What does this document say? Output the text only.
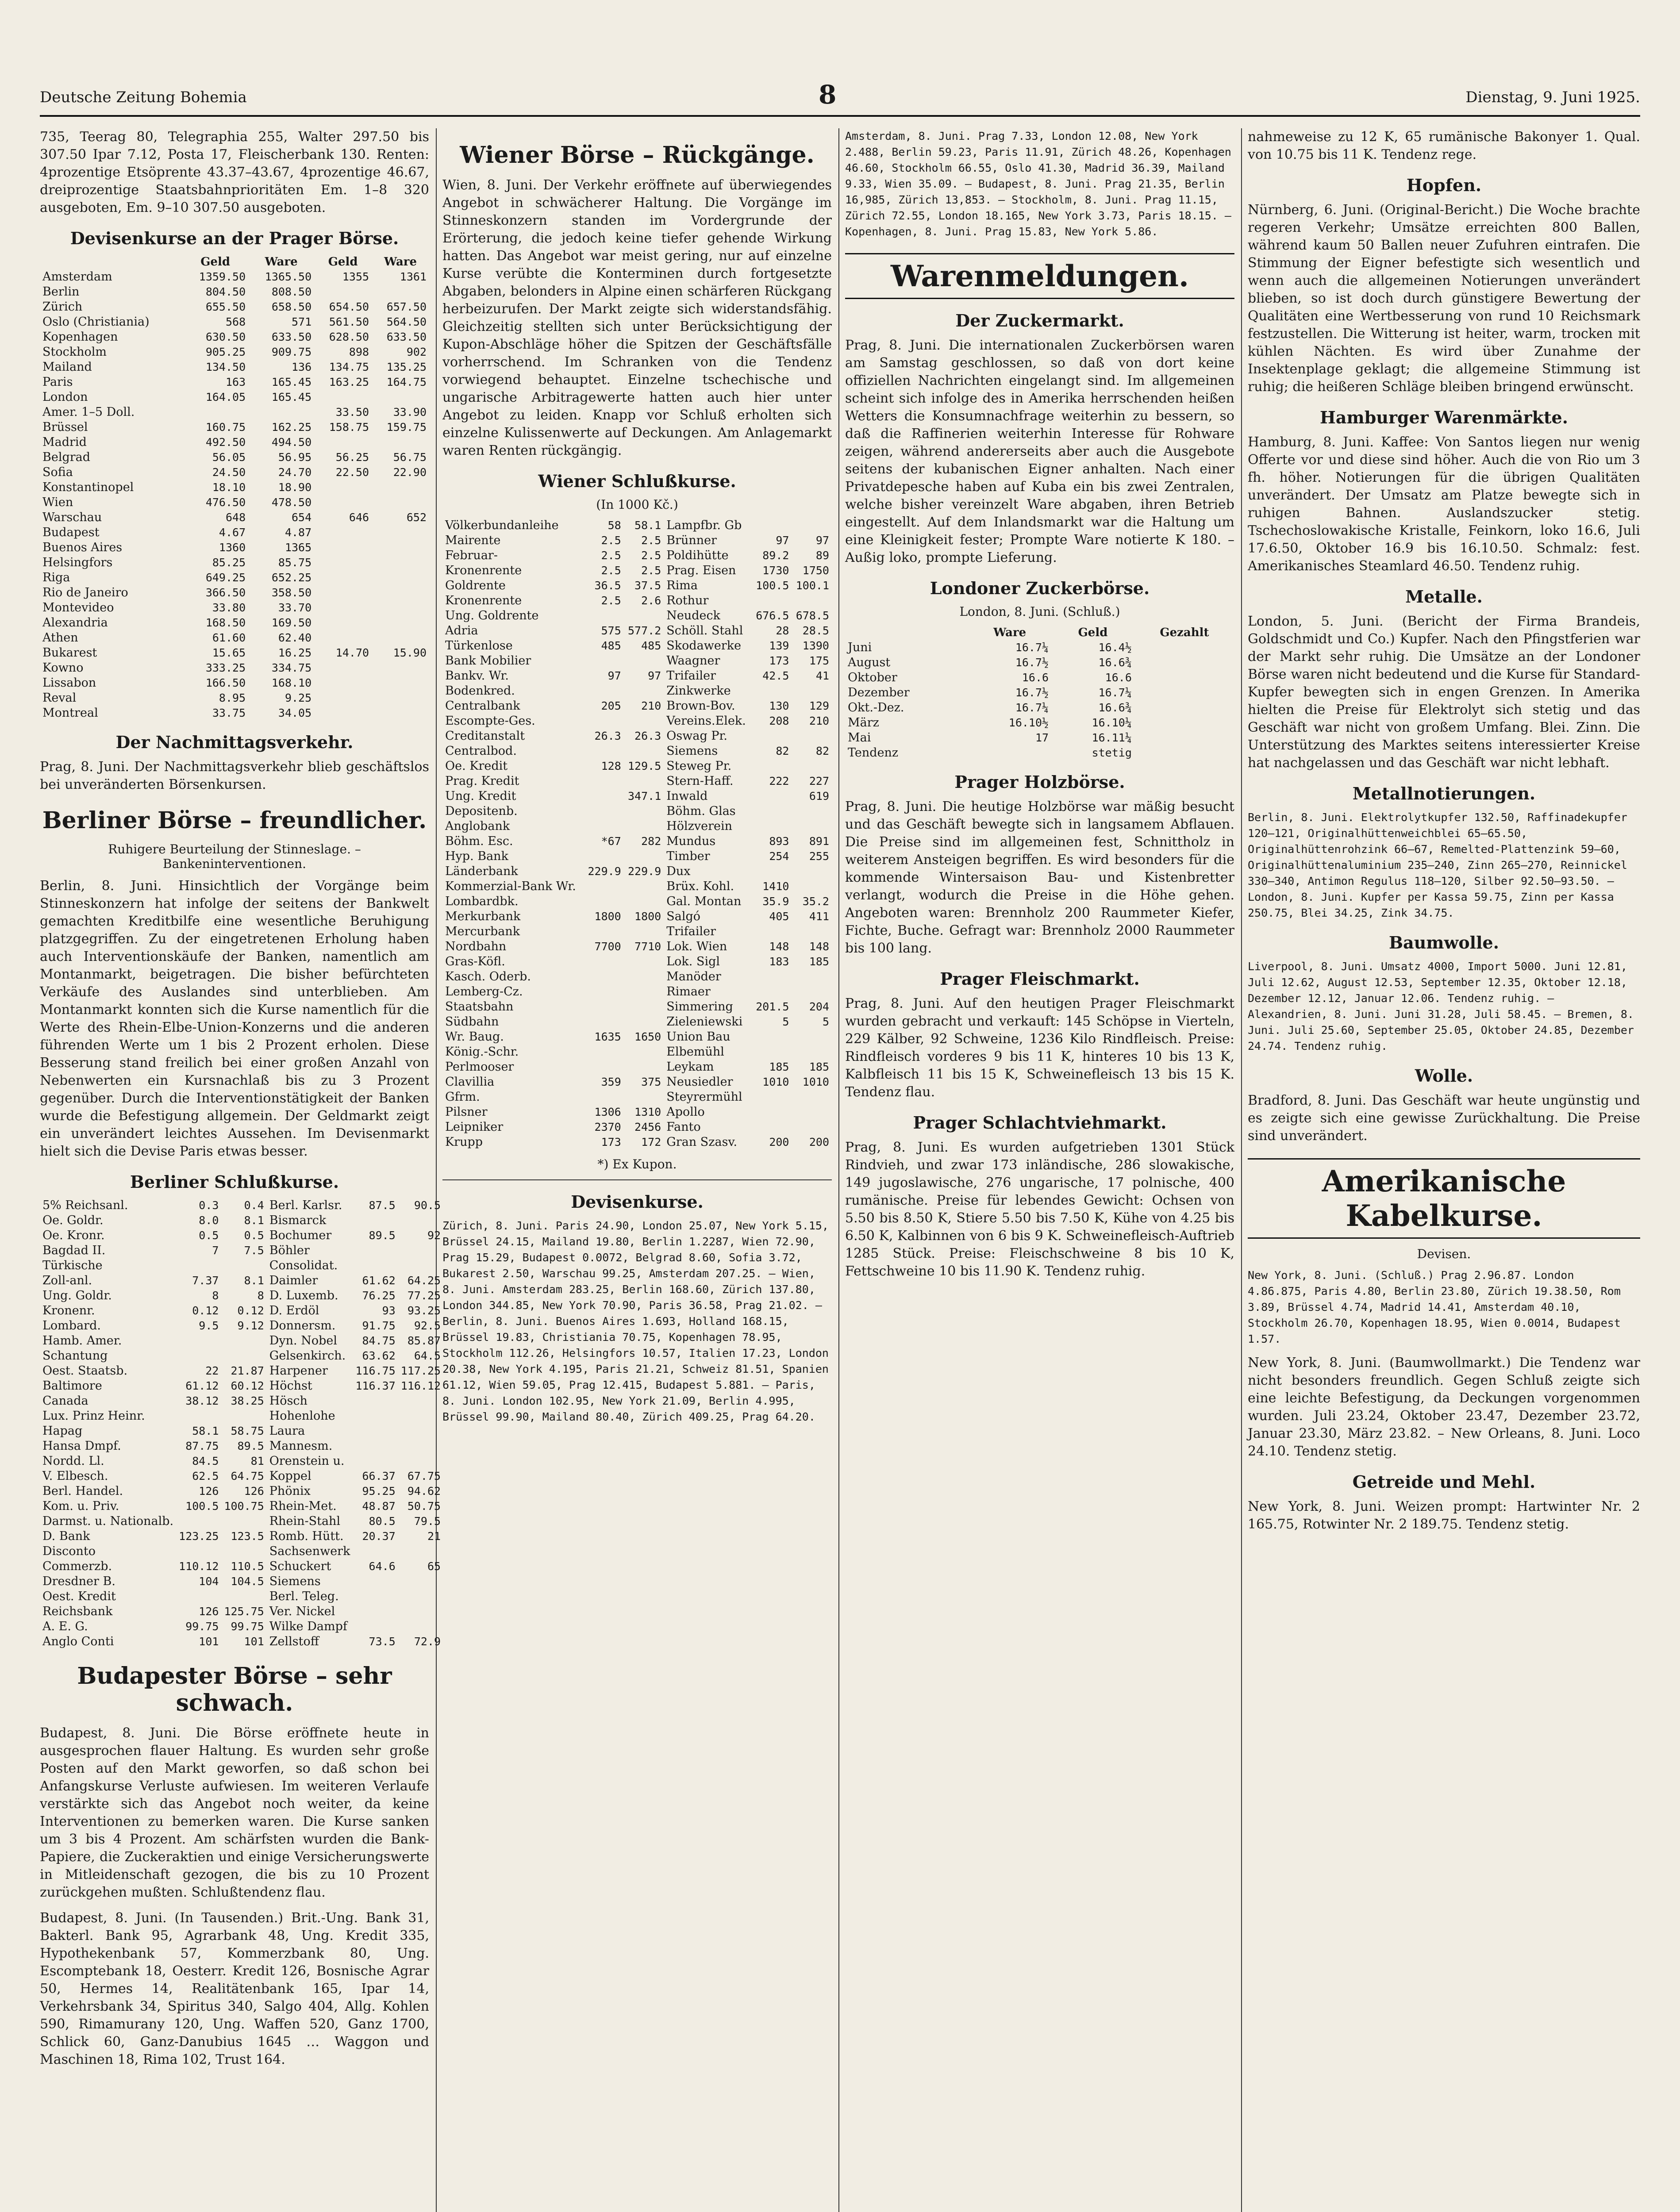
Deutsche Zeitung Bohemia	8	Dienstag, 9. Juni 1925.

735, Teerag 80, Telegraphia 255, Walter 297.50 bis 307.50 Ipar 7.12, Posta 17, Fleischerbank 130. Renten: 4prozentige Etsöprente 43.37–43.67, 4prozentige 46.67, dreiprozentige Staatsbahnprioritäten Em. 1–8 320 ausgeboten, Em. 9–10 307.50 ausgeboten.

Devisenkurse an der Prager Börse.
	Geld	Ware	Geld	Ware
Amsterdam	1359.50	1365.50	1355	1361
Berlin	804.50	808.50		
Zürich	655.50	658.50	654.50	657.50
Oslo (Christiania)	568	571	561.50	564.50
Kopenhagen	630.50	633.50	628.50	633.50
Stockholm	905.25	909.75	898	902
Mailand	134.50	136	134.75	135.25
Paris	163	165.45	163.25	164.75
London	164.05	165.45		
Amer. 1–5 Doll.			33.50	33.90
Brüssel	160.75	162.25	158.75	159.75
Madrid	492.50	494.50		
Belgrad	56.05	56.95	56.25	56.75
Sofia	24.50	24.70	22.50	22.90
Konstantinopel	18.10	18.90		
Wien	476.50	478.50		
Warschau	648	654	646	652
Budapest	4.67	4.87		
Buenos Aires	1360	1365		
Helsingfors	85.25	85.75		
Riga	649.25	652.25		
Rio de Janeiro	366.50	358.50		
Montevideo	33.80	33.70		
Alexandria	168.50	169.50		
Athen	61.60	62.40		
Bukarest	15.65	16.25	14.70	15.90
Kowno	333.25	334.75		
Lissabon	166.50	168.10		
Reval	8.95	9.25		
Montreal	33.75	34.05		
Der Nachmittagsverkehr.

Prag, 8. Juni. Der Nachmittagsverkehr blieb geschäftslos bei unveränderten Börsenkursen.

Berliner Börse – freundlicher.
Ruhigere Beurteilung der Stinneslage. – Bankeninterventionen.

Berlin, 8. Juni. Hinsichtlich der Vorgänge beim Stinneskonzern hat infolge der seitens der Bankwelt gemachten Kreditbilfe eine wesentliche Beruhigung platzgegriffen. Zu der eingetretenen Erholung haben auch Interventionskäufe der Banken, namentlich am Montanmarkt, beigetragen. Die bisher befürchteten Verkäufe des Auslandes sind unterblieben. Am Montanmarkt konnten sich die Kurse namentlich für die Werte des Rhein-Elbe-Union-Konzerns und die anderen führenden Werte um 1 bis 2 Prozent erholen. Diese Besserung stand freilich bei einer großen Anzahl von Nebenwerten ein Kursnachlaß bis zu 3 Prozent gegenüber. Durch die Interventionstätigkeit der Banken wurde die Befestigung allgemein. Der Geldmarkt zeigt ein unverändert leichtes Aussehen. Im Devisenmarkt hielt sich die Devise Paris etwas besser.

Berliner Schlußkurse.
5% Reichsanl.	0.3	0.4	Berl. Karlsr.	87.5	90.5
Oe. Goldr.	8.0	8.1	Bismarck		
Oe. Kronr.	0.5	0.5	Bochumer	89.5	92
Bagdad II.	7	7.5	Böhler		
Türkische			Consolidat.		
Zoll-anl.	7.37	8.1	Daimler	61.62	64.25
Ung. Goldr.	8	8	D. Luxemb.	76.25	77.25
Kronenr.	0.12	0.12	D. Erdöl	93	93.25
Lombard.	9.5	9.12	Donnersm.	91.75	92.5
Hamb. Amer.			Dyn. Nobel	84.75	85.87
Schantung			Gelsenkirch.	63.62	64.5
Oest. Staatsb.	22	21.87	Harpener	116.75	117.25
Baltimore	61.12	60.12	Höchst	116.37	116.12
Canada	38.12	38.25	Hösch		
Lux. Prinz Heinr.			Hohenlohe		
Hapag	58.1	58.75	Laura		
Hansa Dmpf.	87.75	89.5	Mannesm.		
Nordd. Ll.	84.5	81	Orenstein u.		
V. Elbesch.	62.5	64.75	Koppel	66.37	67.75
Berl. Handel.	126	126	Phönix	95.25	94.62
Kom. u. Priv.	100.5	100.75	Rhein-Met.	48.87	50.75
Darmst. u. Nationalb.			Rhein-Stahl	80.5	79.5
D. Bank	123.25	123.5	Romb. Hütt.	20.37	21
Disconto			Sachsenwerk		
Commerzb.	110.12	110.5	Schuckert	64.6	65
Dresdner B.	104	104.5	Siemens		
Oest. Kredit			Berl. Teleg.		
Reichsbank	126	125.75	Ver. Nickel		
A. E. G.	99.75	99.75	Wilke Dampf		
Anglo Conti	101	101	Zellstoff	73.5	72.9
Budapester Börse – sehr schwach.

Budapest, 8. Juni. Die Börse eröffnete heute in ausgesprochen flauer Haltung. Es wurden sehr große Posten auf den Markt geworfen, so daß schon bei Anfangskurse Verluste aufwiesen. Im weiteren Verlaufe verstärkte sich das Angebot noch weiter, da keine Interventionen zu bemerken waren. Die Kurse sanken um 3 bis 4 Prozent. Am schärfsten wurden die Bank-Papiere, die Zuckeraktien und einige Versicherungswerte in Mitleidenschaft gezogen, die bis zu 10 Prozent zurückgehen mußten. Schlußtendenz flau.

Budapest, 8. Juni. (In Tausenden.) Brit.-Ung. Bank 31, Bakterl. Bank 95, Agrarbank 48, Ung. Kredit 335, Hypothekenbank 57, Kommerzbank 80, Ung. Escomptebank 18, Oesterr. Kredit 126, Bosnische Agrar 50, Hermes 14, Realitätenbank 165, Ipar 14, Verkehrsbank 34, Spiritus 340, Salgo 404, Allg. Kohlen 590, Rimamurany 120, Ung. Waffen 520, Ganz 1700, Schlick 60, Ganz-Danubius 1645 … Waggon und Maschinen 18, Rima 102, Trust 164.

Wiener Börse – Rückgänge.

Wien, 8. Juni. Der Verkehr eröffnete auf überwiegendes Angebot in schwächerer Haltung. Die Vorgänge im Stinneskonzern standen im Vordergrunde der Erörterung, die jedoch keine tiefer gehende Wirkung hatten. Das Angebot war meist gering, nur auf einzelne Kurse verübte die Konterminen durch fortgesetzte Abgaben, belonders in Alpine einen schärferen Rückgang herbeizurufen. Der Markt zeigte sich widerstandsfähig. Gleichzeitig stellten sich unter Berücksichtigung der Kupon-Abschläge höher die Spitzen der Geschäftsfälle vorherrschend. Im Schranken von die Tendenz vorwiegend behauptet. Einzelne tschechische und ungarische Arbitragewerte hatten auch hier unter Angebot zu leiden. Knapp vor Schluß erholten sich einzelne Kulissenwerte auf Deckungen. Am Anlagemarkt waren Renten rückgängig.

Wiener Schlußkurse.
(In 1000 Kč.)
Völkerbundanleihe	58	58.1	Lampfbr. Gb		
Mairente	2.5	2.5	Brünner	97	97
Februar-	2.5	2.5	Poldihütte	89.2	89
Kronenrente	2.5	2.5	Prag. Eisen	1730	1750
Goldrente	36.5	37.5	Rima	100.5	100.1
Kronenrente	2.5	2.6	Rothur		
Ung. Goldrente			Neudeck	676.5	678.5
Adria	575	577.2	Schöll. Stahl	28	28.5
Türkenlose	485	485	Skodawerke	139	1390
Bank Mobilier			Waagner	173	175
Bankv. Wr.	97	97	Trifailer	42.5	41
Bodenkred.			Zinkwerke		
Centralbank	205	210	Brown-Bov.	130	129
Escompte-Ges.			Vereins.Elek.	208	210
Creditanstalt	26.3	26.3	Oswag Pr.		
Centralbod.			Siemens	82	82
Oe. Kredit	128	129.5	Steweg Pr.		
Prag. Kredit			Stern-Haff.	222	227
Ung. Kredit		347.1	Inwald		619
Depositenb.			Böhm. Glas		
Anglobank			Hölzverein		
Böhm. Esc.	*67	282	Mundus	893	891
Hyp. Bank			Timber	254	255
Länderbank	229.9	229.9	Dux		
Kommerzial-Bank Wr.			Brüx. Kohl.	1410	
Lombardbk.			Gal. Montan	35.9	35.2
Merkurbank	1800	1800	Salgó	405	411
Mercurbank			Trifailer		
Nordbahn	7700	7710	Lok. Wien	148	148
Gras-Köfl.			Lok. Sigl	183	185
Kasch. Oderb.			Manöder		
Lemberg-Cz.			Rimaer		
Staatsbahn			Simmering	201.5	204
Südbahn			Zieleniewski	5	5
Wr. Baug.	1635	1650	Union Bau		
König.-Schr.			Elbemühl		
Perlmooser			Leykam	185	185
Clavillia	359	375	Neusiedler	1010	1010
Gfrm.			Steyrermühl		
Pilsner	1306	1310	Apollo		
Leipniker	2370	2456	Fanto		
Krupp	173	172	Gran Szasv.	200	200
*) Ex Kupon.
Devisenkurse.

Zürich, 8. Juni. Paris 24.90, London 25.07, New York 5.15, Brüssel 24.15, Mailand 19.80, Berlin 1.2287, Wien 72.90, Prag 15.29, Budapest 0.0072, Belgrad 8.60, Sofia 3.72, Bukarest 2.50, Warschau 99.25, Amsterdam 207.25. – Wien, 8. Juni. Amsterdam 283.25, Berlin 168.60, Zürich 137.80, London 344.85, New York 70.90, Paris 36.58, Prag 21.02. – Berlin, 8. Juni. Buenos Aires 1.693, Holland 168.15, Brüssel 19.83, Christiania 70.75, Kopenhagen 78.95, Stockholm 112.26, Helsingfors 10.57, Italien 17.23, London 20.38, New York 4.195, Paris 21.21, Schweiz 81.51, Spanien 61.12, Wien 59.05, Prag 12.415, Budapest 5.881. – Paris, 8. Juni. London 102.95, New York 21.09, Berlin 4.995, Brüssel 99.90, Mailand 80.40, Zürich 409.25, Prag 64.20.

Amsterdam, 8. Juni. Prag 7.33, London 12.08, New York 2.488, Berlin 59.23, Paris 11.91, Zürich 48.26, Kopenhagen 46.60, Stockholm 66.55, Oslo 41.30, Madrid 36.39, Mailand 9.33, Wien 35.09. – Budapest, 8. Juni. Prag 21.35, Berlin 16,985, Zürich 13,853. – Stockholm, 8. Juni. Prag 11.15, Zürich 72.55, London 18.165, New York 3.73, Paris 18.15. – Kopenhagen, 8. Juni. Prag 15.83, New York 5.86.

Warenmeldungen.
Der Zuckermarkt.

Prag, 8. Juni. Die internationalen Zuckerbörsen waren am Samstag geschlossen, so daß von dort keine offiziellen Nachrichten eingelangt sind. Im allgemeinen scheint sich infolge des in Amerika herrschenden heißen Wetters die Konsumnachfrage weiterhin zu bessern, so daß die Raffinerien weiterhin Interesse für Rohware zeigen, während andererseits aber auch die Ausgebote seitens der kubanischen Eigner anhalten. Nach einer Privatdepesche haben auf Kuba ein bis zwei Zentralen, welche bisher vereinzelt Ware abgaben, ihren Betrieb eingestellt. Auf dem Inlandsmarkt war die Haltung um eine Kleinigkeit fester; Prompte Ware notierte K 180. – Außig loko, prompte Lieferung.

Londoner Zuckerbörse.
London, 8. Juni. (Schluß.)
	Ware	Geld	Gezahlt
Juni	16.7¼	16.4½	
August	16.7½	16.6¾	
Oktober	16.6	16.6	
Dezember	16.7½	16.7¼	
Okt.-Dez.	16.7¼	16.6¾	
März	16.10½	16.10¼	
Mai	17	16.11¼	
Tendenz		stetig	
Prager Holzbörse.

Prag, 8. Juni. Die heutige Holzbörse war mäßig besucht und das Geschäft bewegte sich in langsamem Abflauen. Die Preise sind im allgemeinen fest, Schnittholz in weiterem Ansteigen begriffen. Es wird besonders für die kommende Wintersaison Bau- und Kistenbretter verlangt, wodurch die Preise in die Höhe gehen. Angeboten waren: Brennholz 200 Raummeter Kiefer, Fichte, Buche. Gefragt war: Brennholz 2000 Raummeter bis 100 lang.

Prager Fleischmarkt.

Prag, 8. Juni. Auf den heutigen Prager Fleischmarkt wurden gebracht und verkauft: 145 Schöpse in Vierteln, 229 Kälber, 92 Schweine, 1236 Kilo Rindfleisch. Preise: Rindfleisch vorderes 9 bis 11 K, hinteres 10 bis 13 K, Kalbfleisch 11 bis 15 K, Schweinefleisch 13 bis 15 K. Tendenz flau.

Prager Schlachtviehmarkt.

Prag, 8. Juni. Es wurden aufgetrieben 1301 Stück Rindvieh, und zwar 173 inländische, 286 slowakische, 149 jugoslawische, 276 ungarische, 17 polnische, 400 rumänische. Preise für lebendes Gewicht: Ochsen von 5.50 bis 8.50 K, Stiere 5.50 bis 7.50 K, Kühe von 4.25 bis 6.50 K, Kalbinnen von 6 bis 9 K. Schweinefleisch-Auftrieb 1285 Stück. Preise: Fleischschweine 8 bis 10 K, Fettschweine 10 bis 11.90 K. Tendenz ruhig.

nahmeweise zu 12 K, 65 rumänische Bakonyer 1. Qual. von 10.75 bis 11 K. Tendenz rege.

Hopfen.

Nürnberg, 6. Juni. (Original-Bericht.) Die Woche brachte regeren Verkehr; Umsätze erreichten 800 Ballen, während kaum 50 Ballen neuer Zufuhren eintrafen. Die Stimmung der Eigner befestigte sich wesentlich und wenn auch die allgemeinen Notierungen unverändert blieben, so ist doch durch günstigere Bewertung der Qualitäten eine Wertbesserung von rund 10 Reichsmark festzustellen. Die Witterung ist heiter, warm, trocken mit kühlen Nächten. Es wird über Zunahme der Insektenplage geklagt; die allgemeine Stimmung ist ruhig; die heißeren Schläge bleiben bringend erwünscht.

Hamburger Warenmärkte.

Hamburg, 8. Juni. Kaffee: Von Santos liegen nur wenig Offerte vor und diese sind höher. Auch die von Rio um 3 fh. höher. Notierungen für die übrigen Qualitäten unverändert. Der Umsatz am Platze bewegte sich in ruhigen Bahnen. Auslandszucker stetig. Tschechoslowakische Kristalle, Feinkorn, loko 16.6, Juli 17.6.50, Oktober 16.9 bis 16.10.50. Schmalz: fest. Amerikanisches Steamlard 46.50. Tendenz ruhig.

Metalle.

London, 5. Juni. (Bericht der Firma Brandeis, Goldschmidt und Co.) Kupfer. Nach den Pfingstferien war der Markt sehr ruhig. Die Umsätze an der Londoner Börse waren nicht bedeutend und die Kurse für Standard-Kupfer bewegten sich in engen Grenzen. In Amerika hielten die Preise für Elektrolyt sich stetig und das Geschäft war nicht von großem Umfang. Blei. Zinn. Die Unterstützung des Marktes seitens interessierter Kreise hat nachgelassen und das Geschäft war nicht lebhaft.

Metallnotierungen.

Berlin, 8. Juni. Elektrolytkupfer 132.50, Raffinadekupfer 120–121, Originalhüttenweichblei 65–65.50, Originalhüttenrohzink 66–67, Remelted-Plattenzink 59–60, Originalhüttenaluminium 235–240, Zinn 265–270, Reinnickel 330–340, Antimon Regulus 118–120, Silber 92.50–93.50. – London, 8. Juni. Kupfer per Kassa 59.75, Zinn per Kassa 250.75, Blei 34.25, Zink 34.75.

Baumwolle.

Liverpool, 8. Juni. Umsatz 4000, Import 5000. Juni 12.81, Juli 12.62, August 12.53, September 12.35, Oktober 12.18, Dezember 12.12, Januar 12.06. Tendenz ruhig. – Alexandrien, 8. Juni. Juni 31.28, Juli 58.45. – Bremen, 8. Juni. Juli 25.60, September 25.05, Oktober 24.85, Dezember 24.74. Tendenz ruhig.

Wolle.

Bradford, 8. Juni. Das Geschäft war heute ungünstig und es zeigte sich eine gewisse Zurückhaltung. Die Preise sind unverändert.

Amerikanische Kabelkurse.
Devisen.

New York, 8. Juni. (Schluß.) Prag 2.96.87. London 4.86.875, Paris 4.80, Berlin 23.80, Zürich 19.38.50, Rom 3.89, Brüssel 4.74, Madrid 14.41, Amsterdam 40.10, Stockholm 26.70, Kopenhagen 18.95, Wien 0.0014, Budapest 1.57.

New York, 8. Juni. (Baumwollmarkt.) Die Tendenz war nicht besonders freundlich. Gegen Schluß zeigte sich eine leichte Befestigung, da Deckungen vorgenommen wurden. Juli 23.24, Oktober 23.47, Dezember 23.72, Januar 23.30, März 23.82. – New Orleans, 8. Juni. Loco 24.10. Tendenz stetig.

Getreide und Mehl.

New York, 8. Juni. Weizen prompt: Hartwinter Nr. 2 165.75, Rotwinter Nr. 2 189.75. Tendenz stetig.
